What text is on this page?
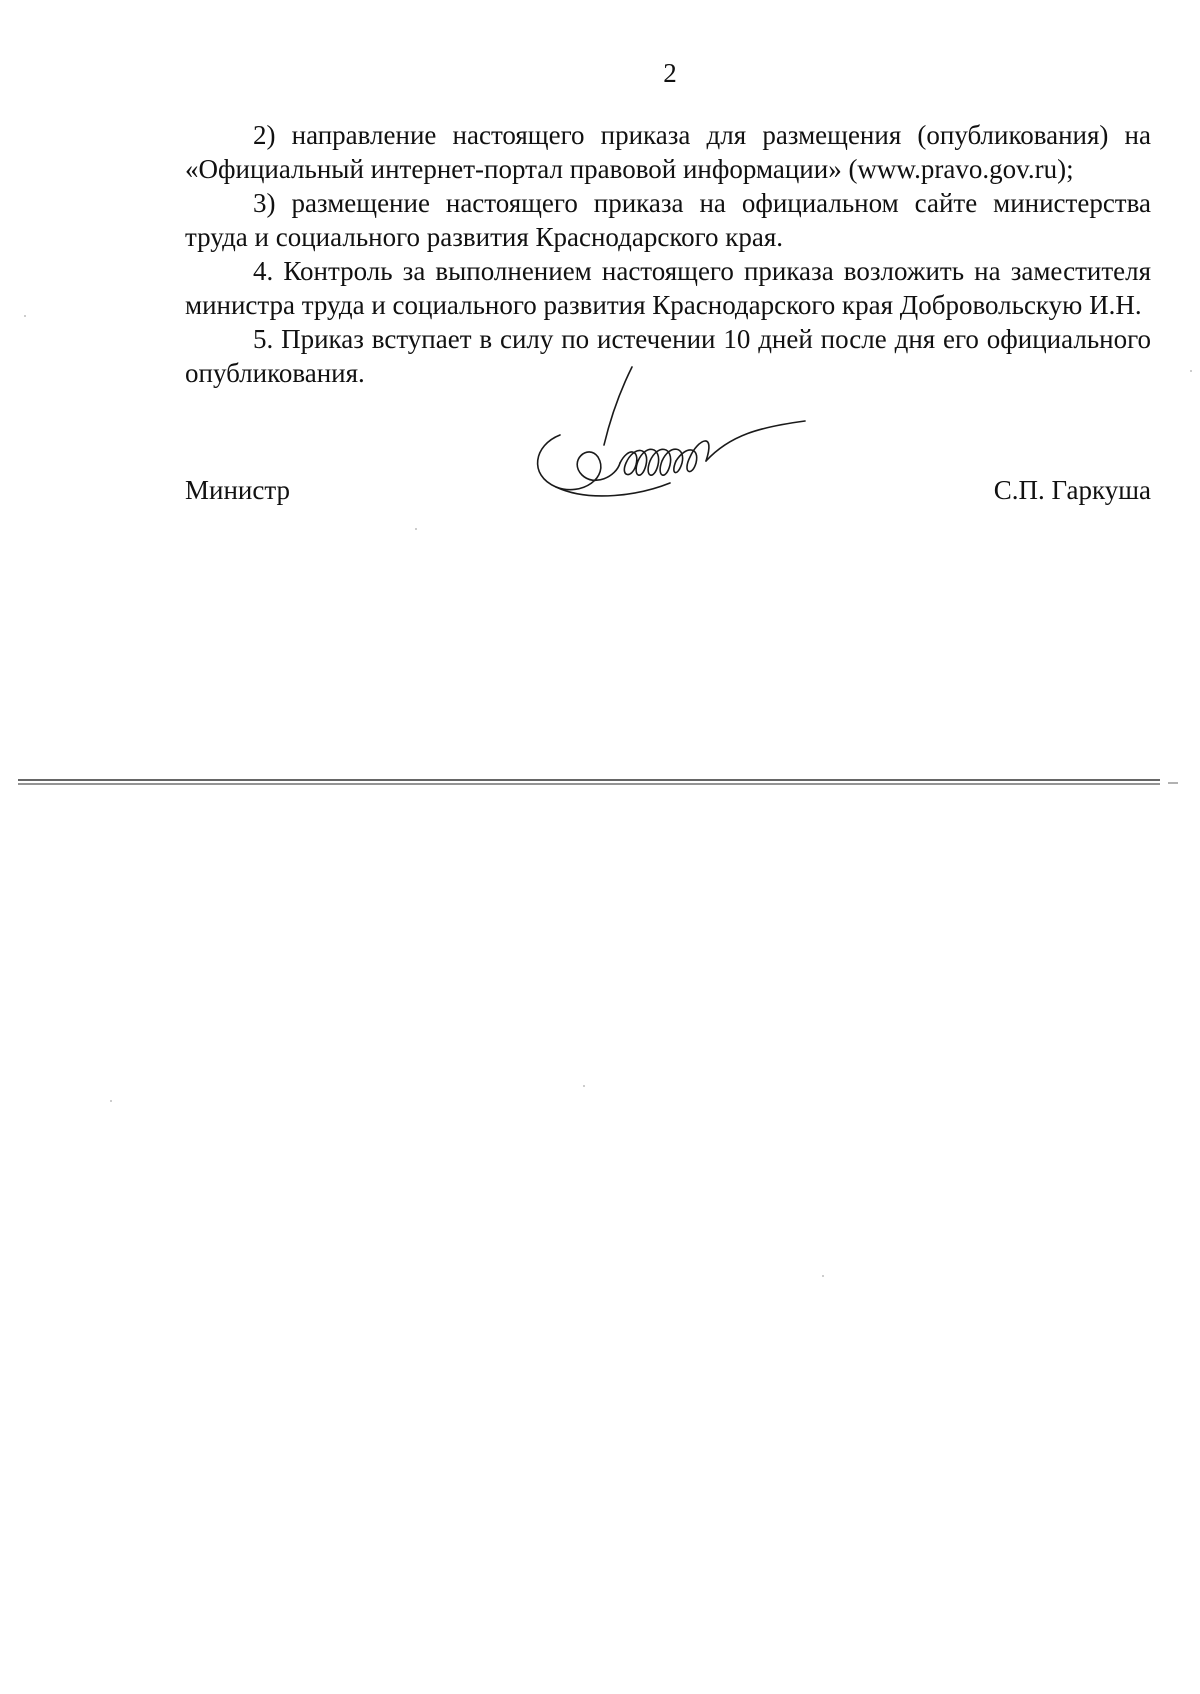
2

2) направление настоящего приказа для размещения (опубликования) на «Официальный интернет-портал правовой информации» (www.pravo.gov.ru);

3) размещение настоящего приказа на официальном сайте министерства труда и социального развития Краснодарского края.

4. Контроль за выполнением настоящего приказа возложить на заместителя министра труда и социального развития Краснодарского края Добровольскую И.Н.

5. Приказ вступает в силу по истечении 10 дней после дня его официального опубликования.

Министр	С.П. Гаркуша
